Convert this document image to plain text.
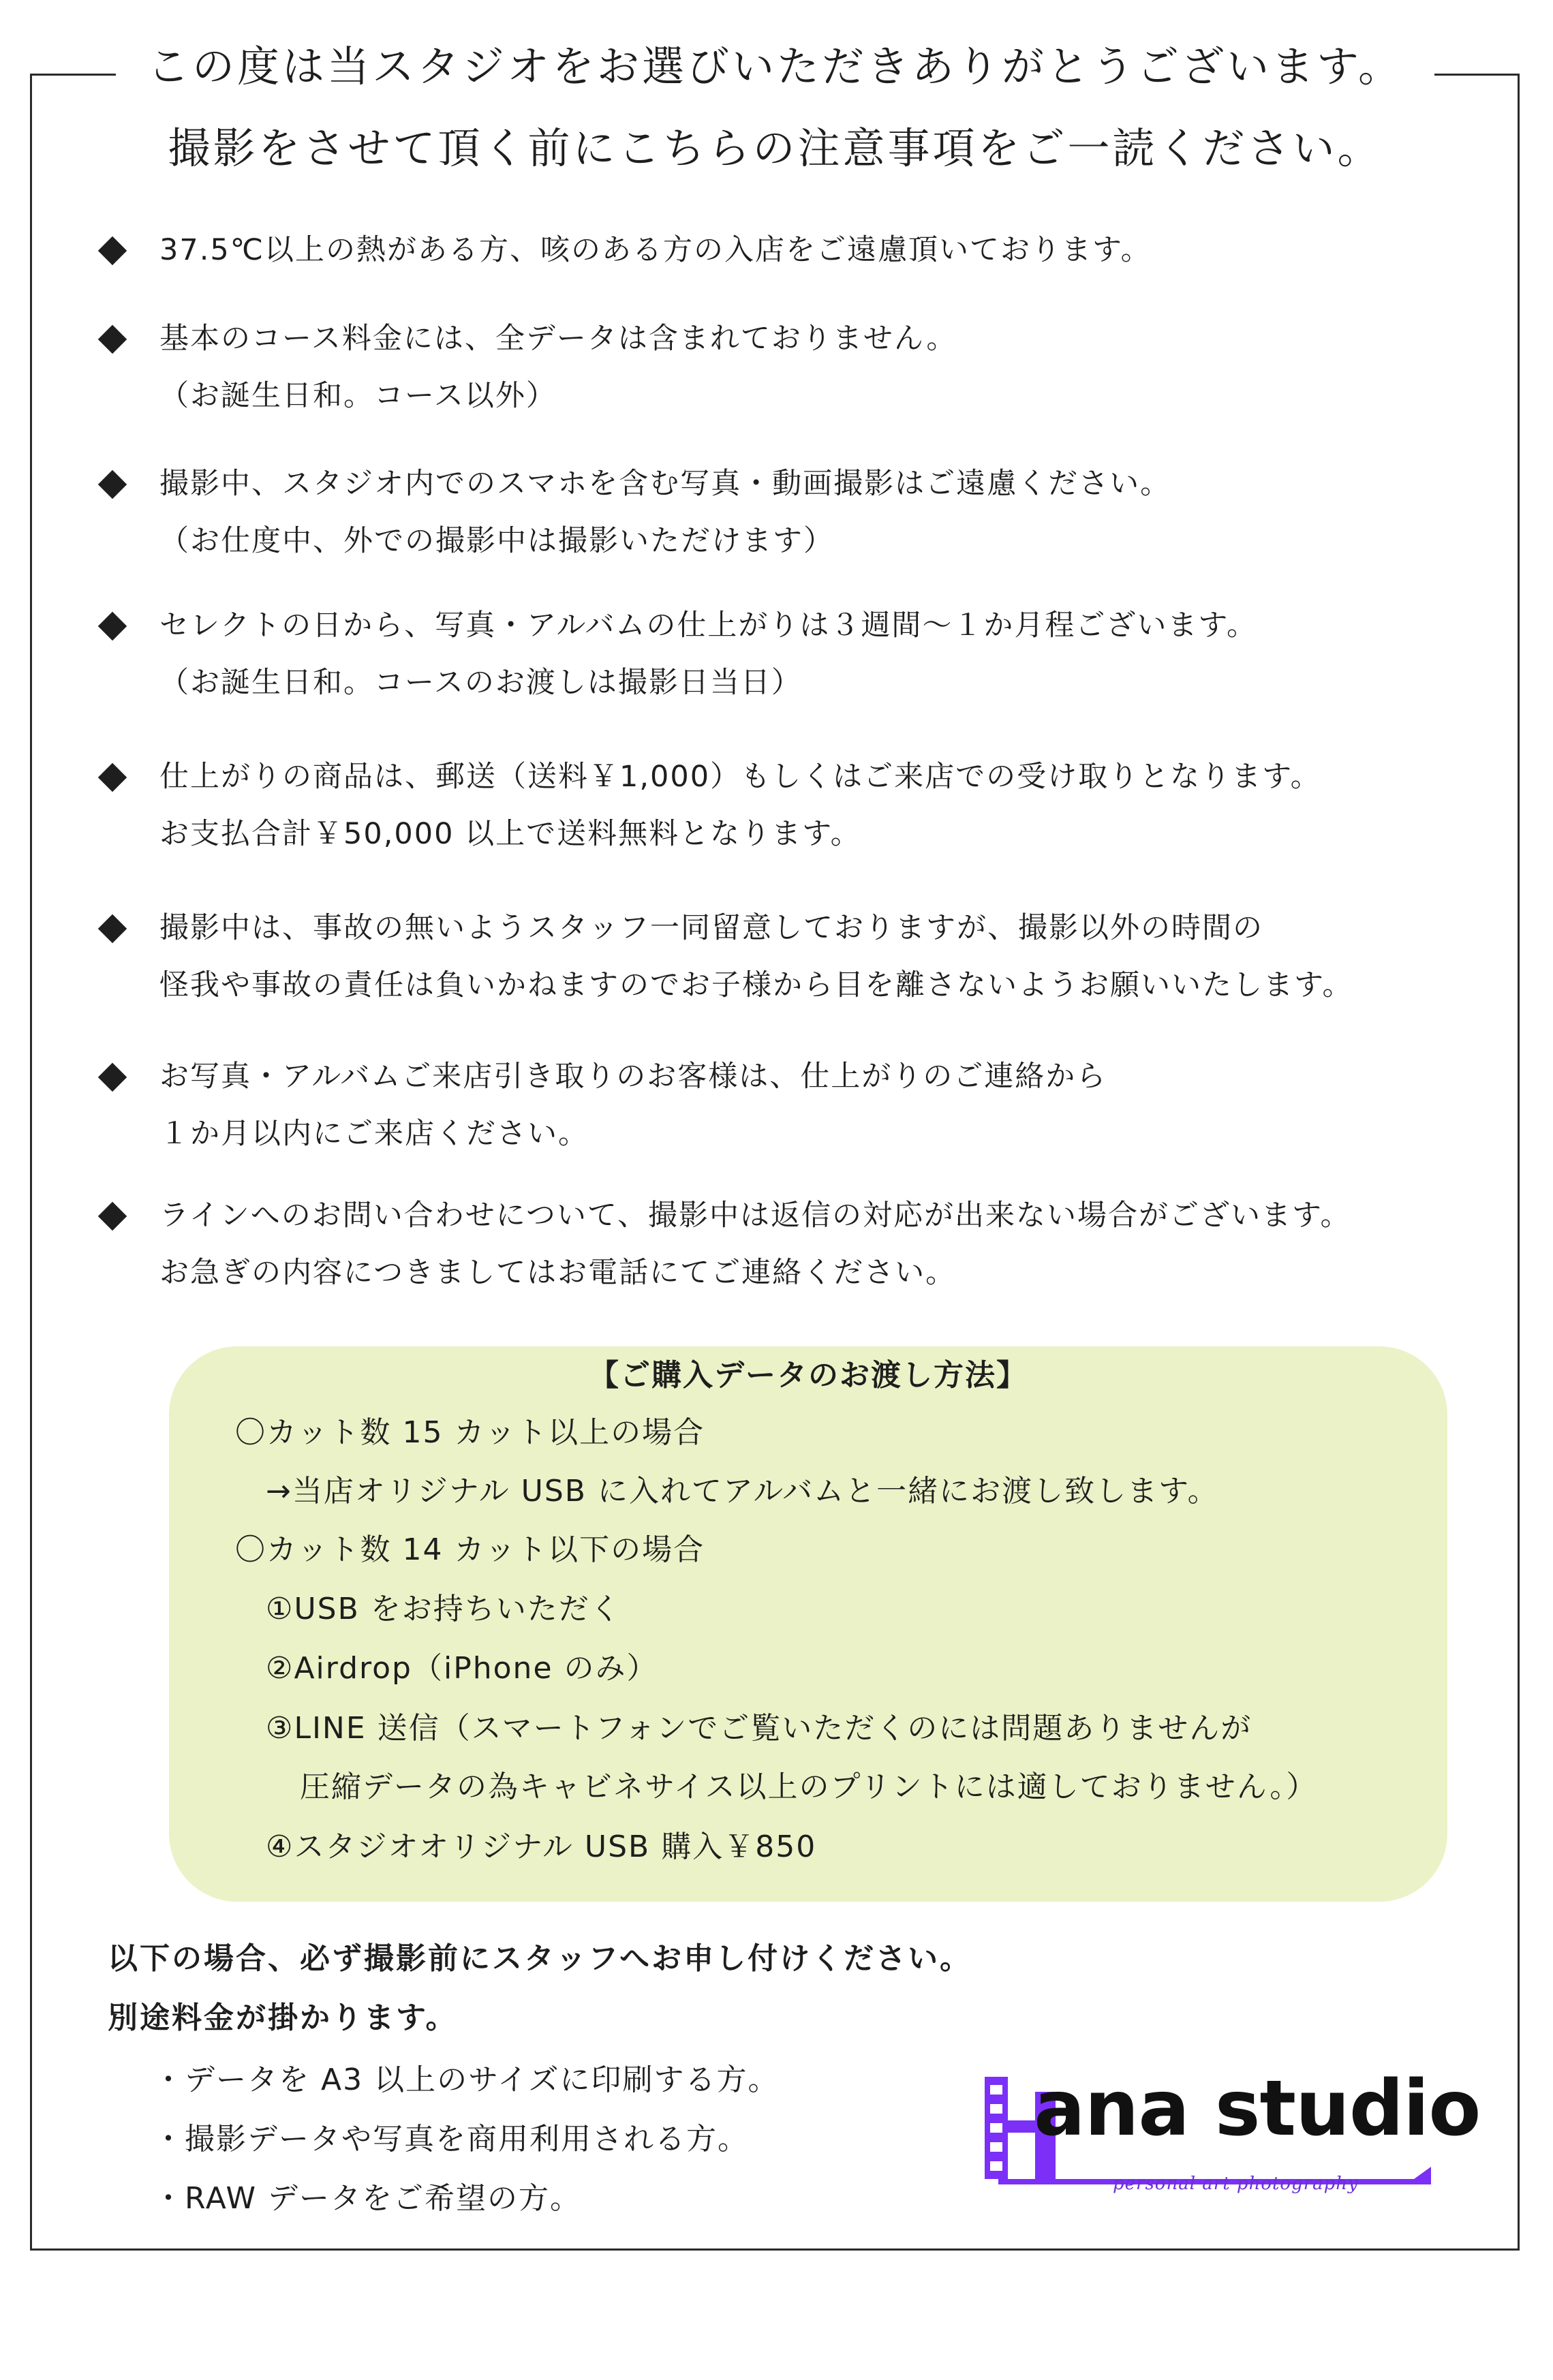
この度は当スタジオをお選びいただきありがとうございます。
撮影をさせて頂く前にこちらの注意事項をご一読ください。
37.5℃以上の熱がある方、咳のある方の入店をご遠慮頂いております。
基本のコース料金には、全データは含まれておりません。
（お誕生日和。コース以外）
撮影中、スタジオ内でのスマホを含む写真・動画撮影はご遠慮ください。
（お仕度中、外での撮影中は撮影いただけます）
セレクトの日から、写真・アルバムの仕上がりは３週間～１か月程ございます。
（お誕生日和。コースのお渡しは撮影日当日）
仕上がりの商品は、郵送（送料￥1,000）もしくはご来店での受け取りとなります。
お支払合計￥50,000 以上で送料無料となります。
撮影中は、事故の無いようスタッフ一同留意しておりますが、撮影以外の時間の
怪我や事故の責任は負いかねますのでお子様から目を離さないようお願いいたします。
お写真・アルバムご来店引き取りのお客様は、仕上がりのご連絡から
１か月以内にご来店ください。
ラインへのお問い合わせについて、撮影中は返信の対応が出来ない場合がございます。
お急ぎの内容につきましてはお電話にてご連絡ください。
【ご購入データのお渡し方法】
〇カット数 15 カット以上の場合
→当店オリジナル USB に入れてアルバムと一緒にお渡し致します。
〇カット数 14 カット以下の場合
①USB をお持ちいただく
②Airdrop（iPhone のみ）
③LINE 送信（スマートフォンでご覧いただくのには問題ありませんが
圧縮データの為キャビネサイス以上のプリントには適しておりません。）
④スタジオオリジナル USB 購入￥850
以下の場合、必ず撮影前にスタッフへお申し付けください。
別途料金が掛かります。
・データを A3 以上のサイズに印刷する方。
・撮影データや写真を商用利用される方。
・RAW データをご希望の方。
ana studio
personal art photography
